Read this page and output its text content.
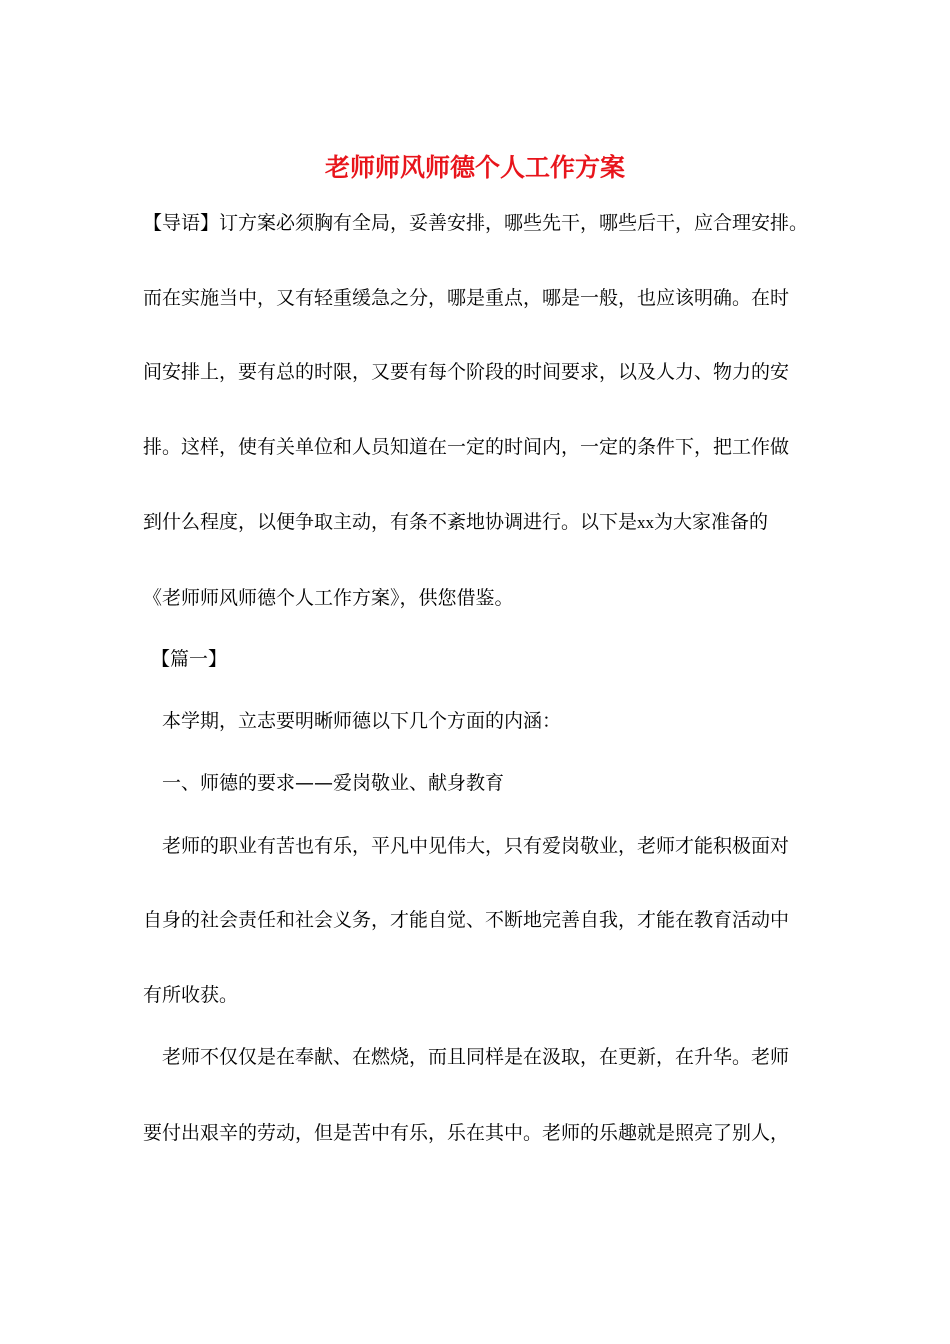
老师师风师德个人工作方案
【导语】订方案必须胸有全局，妥善安排，哪些先干，哪些后干，应合理安排。
而在实施当中，又有轻重缓急之分，哪是重点，哪是一般，也应该明确。在时
间安排上，要有总的时限，又要有每个阶段的时间要求，以及人力、物力的安
排。这样，使有关单位和人员知道在一定的时间内，一定的条件下，把工作做
到什么程度，以便争取主动，有条不紊地协调进行。以下是xx为大家准备的
《老师师风师德个人工作方案》，供您借鉴。
【篇一】
本学期，立志要明晰师德以下几个方面的内涵：
一、师德的要求——爱岗敬业、献身教育
老师的职业有苦也有乐，平凡中见伟大，只有爱岗敬业，老师才能积极面对
自身的社会责任和社会义务，才能自觉、不断地完善自我，才能在教育活动中
有所收获。
老师不仅仅是在奉献、在燃烧，而且同样是在汲取，在更新，在升华。老师
要付出艰辛的劳动，但是苦中有乐，乐在其中。老师的乐趣就是照亮了别人，
